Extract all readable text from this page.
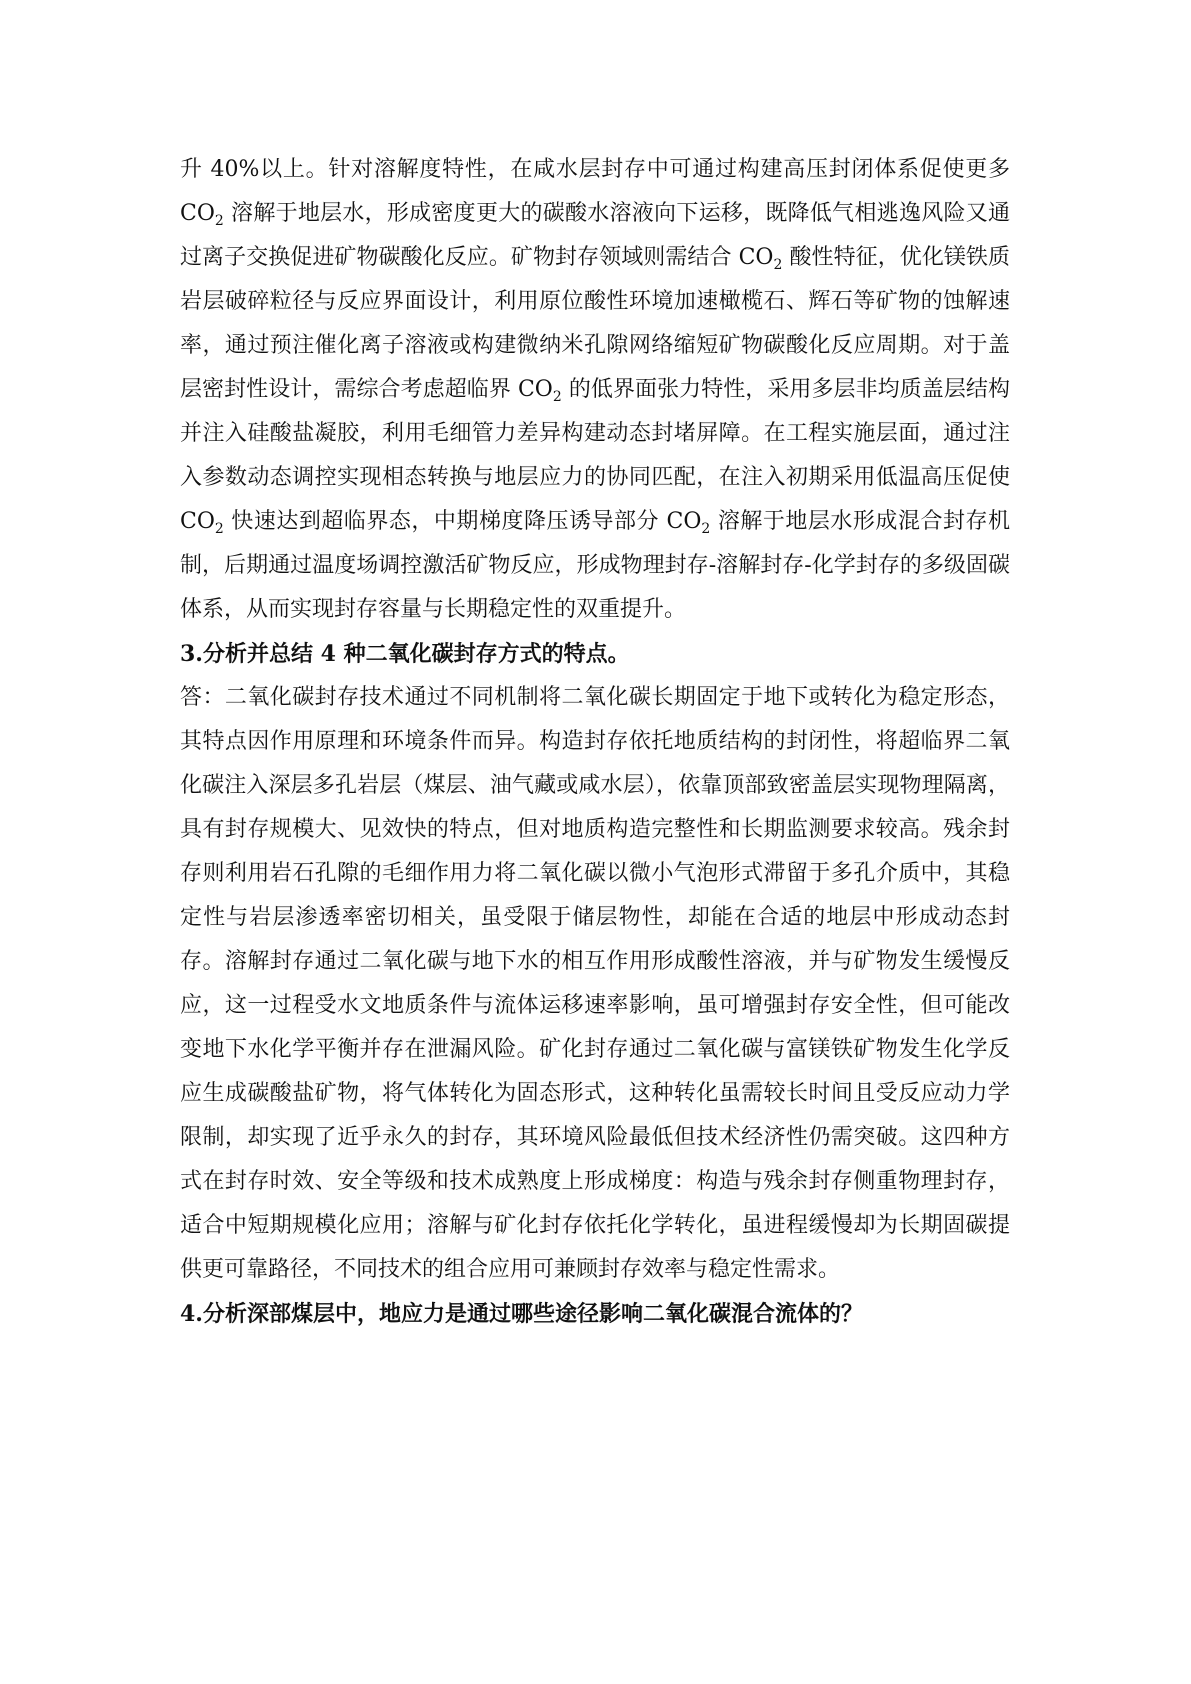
升 40%以上。针对溶解度特性，在咸水层封存中可通过构建高压封闭体系促使更多 $CO_2$ 溶解于地层水，形成密度更大的碳酸水溶液向下运移，既降低气相逃逸风险又通过离子交换促进矿物碳酸化反应。矿物封存领域则需结合 $CO_2$ 酸性特征，优化镁铁质岩层破碎粒径与反应界面设计，利用原位酸性环境加速橄榄石、辉石等矿物的蚀解速率，通过预注催化离子溶液或构建微纳米孔隙网络缩短矿物碳酸化反应周期。对于盖层密封性设计，需综合考虑超临界 $CO_2$ 的低界面张力特性，采用多层非均质盖层结构并注入硅酸盐凝胶，利用毛细管力差异构建动态封堵屏障。在工程实施层面，通过注入参数动态调控实现相态转换与地层应力的协同匹配，在注入初期采用低温高压促使 $CO_2$ 快速达到超临界态，中期梯度降压诱导部分 $CO_2$ 溶解于地层水形成混合封存机制，后期通过温度场调控激活矿物反应，形成物理封存-溶解封存-化学封存的多级固碳体系，从而实现封存容量与长期稳定性的双重提升。

3.分析并总结 4 种二氧化碳封存方式的特点。

答：二氧化碳封存技术通过不同机制将二氧化碳长期固定于地下或转化为稳定形态，其特点因作用原理和环境条件而异。构造封存依托地质结构的封闭性，将超临界二氧化碳注入深层多孔岩层（煤层、油气藏或咸水层），依靠顶部致密盖层实现物理隔离，具有封存规模大、见效快的特点，但对地质构造完整性和长期监测要求较高。残余封存则利用岩石孔隙的毛细作用力将二氧化碳以微小气泡形式滞留于多孔介质中，其稳定性与岩层渗透率密切相关，虽受限于储层物性，却能在合适的地层中形成动态封存。溶解封存通过二氧化碳与地下水的相互作用形成酸性溶液，并与矿物发生缓慢反应，这一过程受水文地质条件与流体运移速率影响，虽可增强封存安全性，但可能改变地下水化学平衡并存在泄漏风险。矿化封存通过二氧化碳与富镁铁矿物发生化学反应生成碳酸盐矿物，将气体转化为固态形式，这种转化虽需较长时间且受反应动力学限制，却实现了近乎永久的封存，其环境风险最低但技术经济性仍需突破。这四种方式在封存时效、安全等级和技术成熟度上形成梯度：构造与残余封存侧重物理封存，适合中短期规模化应用；溶解与矿化封存依托化学转化，虽进程缓慢却为长期固碳提供更可靠路径，不同技术的组合应用可兼顾封存效率与稳定性需求。

4.分析深部煤层中，地应力是通过哪些途径影响二氧化碳混合流体的？
